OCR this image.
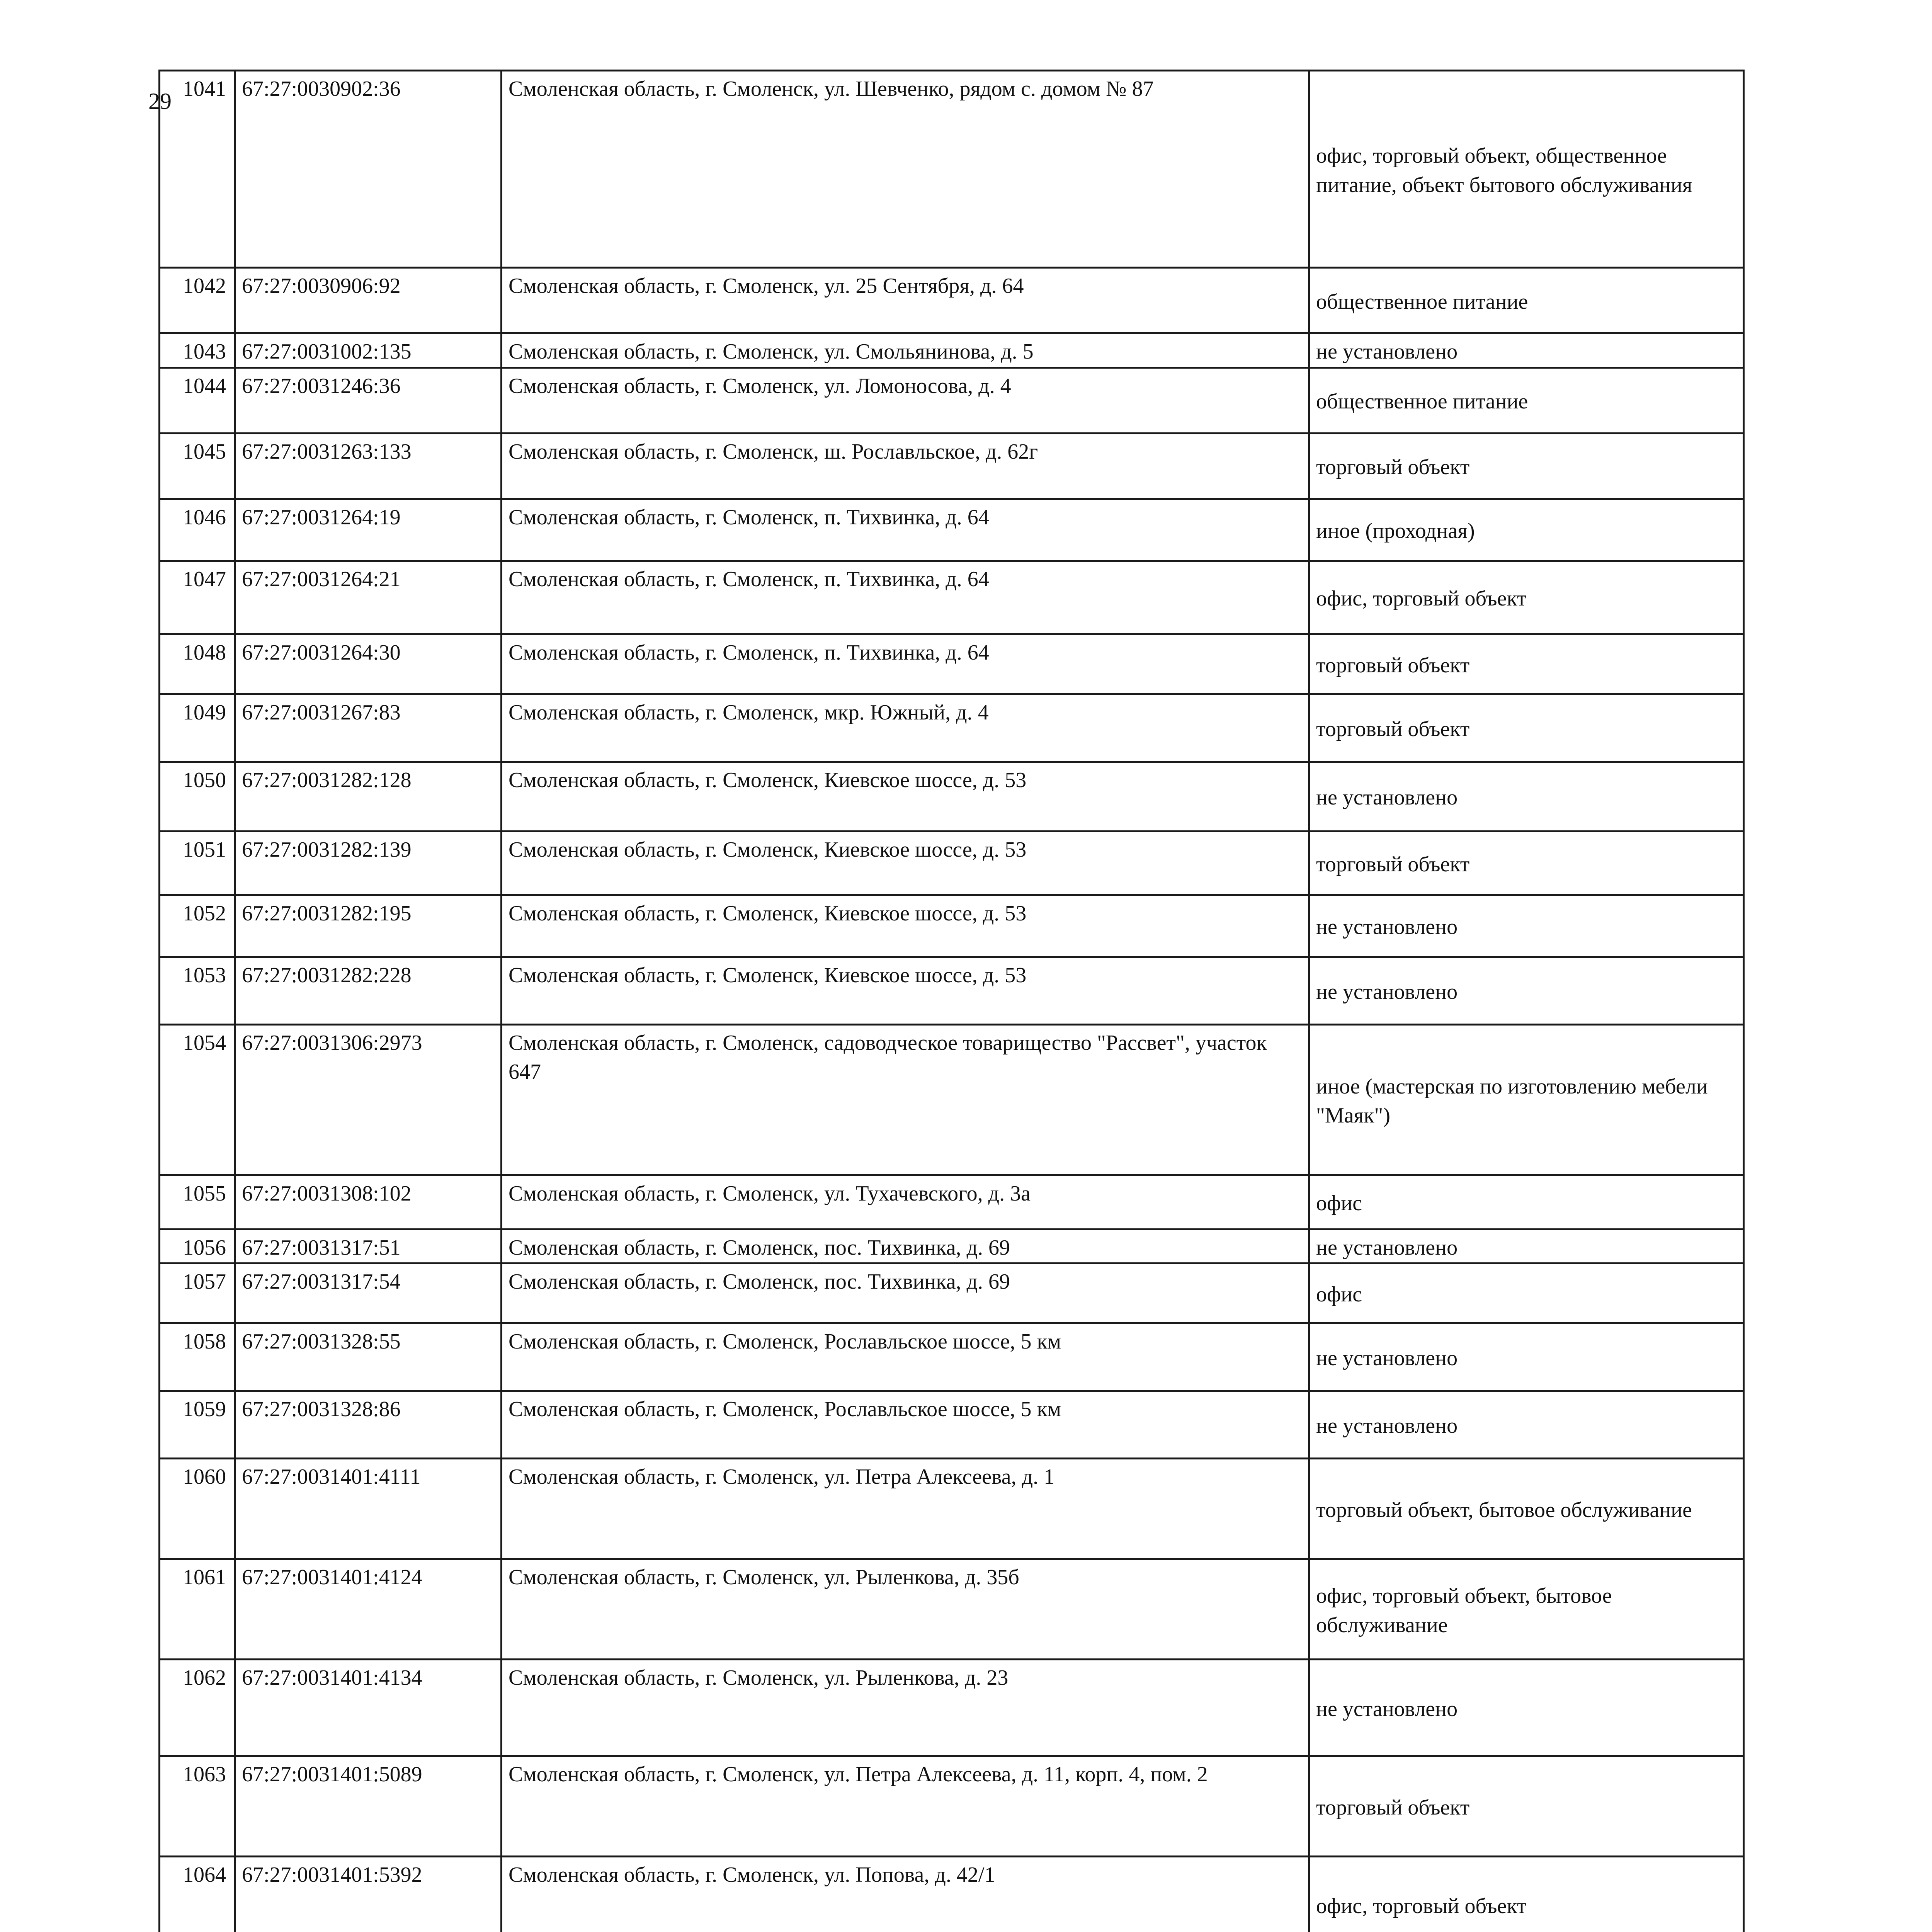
29 1041	67:27:0030902:36	Смоленская область, г. Смоленск, ул. Шевченко, рядом с. домом № 87	офис, торговый объект, общественное питание, объект бытового обслуживания
1042	67:27:0030906:92	Смоленская область, г. Смоленск, ул. 25 Сентября, д. 64	общественное питание
1043	67:27:0031002:135	Смоленская область, г. Смоленск, ул. Смольянинова, д. 5	не установлено
1044	67:27:0031246:36	Смоленская область, г. Смоленск, ул. Ломоносова, д. 4	общественное питание
1045	67:27:0031263:133	Смоленская область, г. Смоленск, ш. Рославльское, д. 62г	торговый объект
1046	67:27:0031264:19	Смоленская область, г. Смоленск, п. Тихвинка, д. 64	иное (проходная)
1047	67:27:0031264:21	Смоленская область, г. Смоленск, п. Тихвинка, д. 64	офис, торговый объект
1048	67:27:0031264:30	Смоленская область, г. Смоленск, п. Тихвинка, д. 64	торговый объект
1049	67:27:0031267:83	Смоленская область, г. Смоленск, мкр. Южный, д. 4	торговый объект
1050	67:27:0031282:128	Смоленская область, г. Смоленск, Киевское шоссе, д. 53	не установлено
1051	67:27:0031282:139	Смоленская область, г. Смоленск, Киевское шоссе, д. 53	торговый объект
1052	67:27:0031282:195	Смоленская область, г. Смоленск, Киевское шоссе, д. 53	не установлено
1053	67:27:0031282:228	Смоленская область, г. Смоленск, Киевское шоссе, д. 53	не установлено
1054	67:27:0031306:2973	Смоленская область, г. Смоленск, садоводческое товарищество "Рассвет", участок 647	иное (мастерская по изготовлению мебели "Маяк")
1055	67:27:0031308:102	Смоленская область, г. Смоленск, ул. Тухачевского, д. 3а	офис
1056	67:27:0031317:51	Смоленская область, г. Смоленск, пос. Тихвинка, д. 69	не установлено
1057	67:27:0031317:54	Смоленская область, г. Смоленск, пос. Тихвинка, д. 69	офис
1058	67:27:0031328:55	Смоленская область, г. Смоленск, Рославльское шоссе, 5 км	не установлено
1059	67:27:0031328:86	Смоленская область, г. Смоленск, Рославльское шоссе, 5 км	не установлено
1060	67:27:0031401:4111	Смоленская область, г. Смоленск, ул. Петра Алексеева, д. 1	торговый объект, бытовое обслуживание
1061	67:27:0031401:4124	Смоленская область, г. Смоленск, ул. Рыленкова, д. 35б	офис, торговый объект, бытовое обслуживание
1062	67:27:0031401:4134	Смоленская область, г. Смоленск, ул. Рыленкова, д. 23	не установлено
1063	67:27:0031401:5089	Смоленская область, г. Смоленск, ул. Петра Алексеева, д. 11, корп. 4, пом. 2	торговый объект
1064	67:27:0031401:5392	Смоленская область, г. Смоленск, ул. Попова, д. 42/1	офис, торговый объект
